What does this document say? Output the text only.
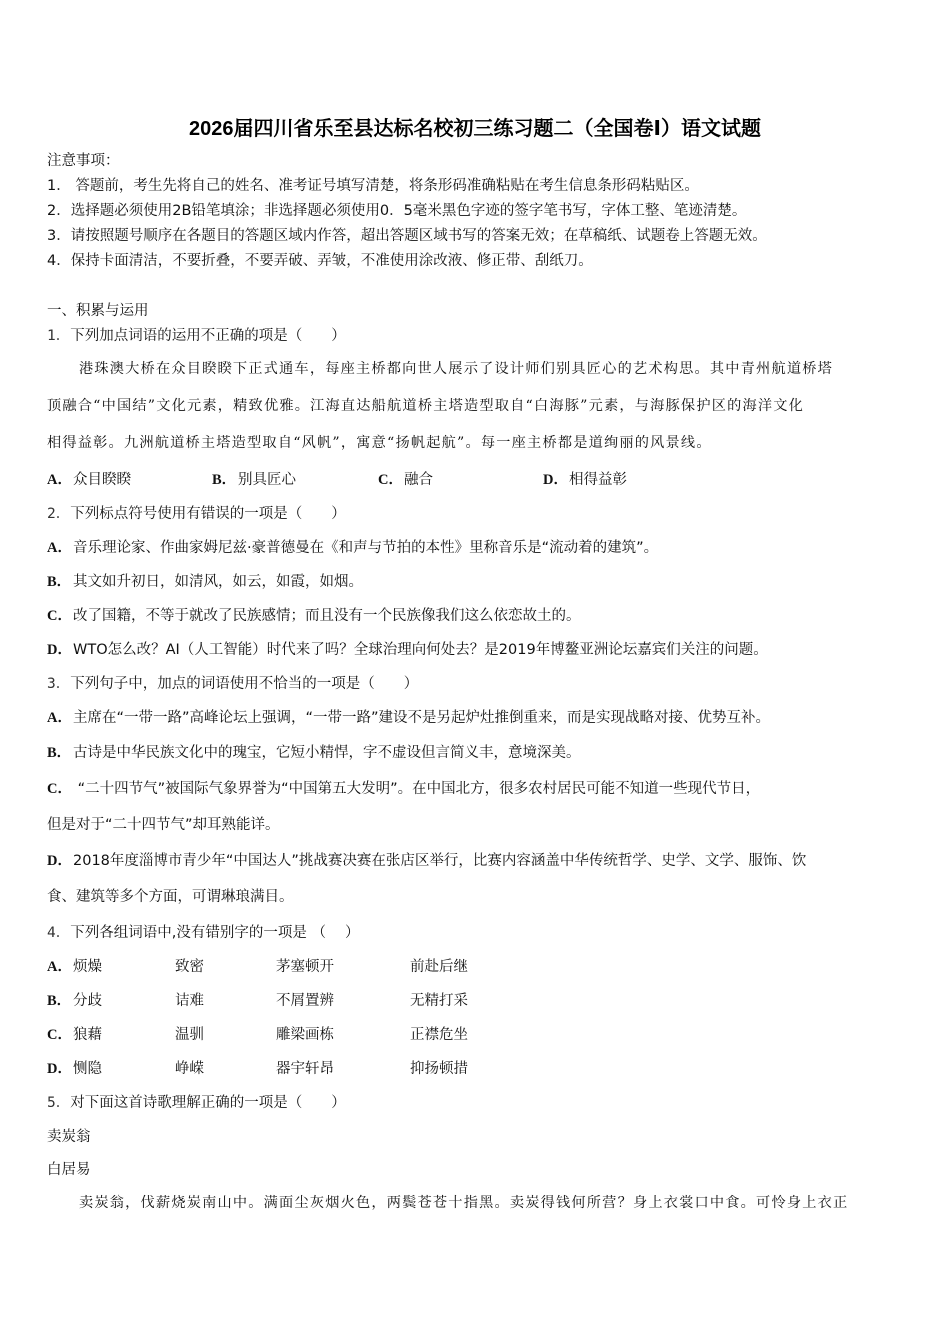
2026届四川省乐至县达标名校初三练习题二（全国卷Ⅰ）语文试题
注意事项：
1． 答题前，考生先将自己的姓名、准考证号填写清楚，将条形码准确粘贴在考生信息条形码粘贴区。
2．选择题必须使用2B铅笔填涂；非选择题必须使用0．5毫米黑色字迹的签字笔书写，字体工整、笔迹清楚。
3．请按照题号顺序在各题目的答题区域内作答，超出答题区域书写的答案无效；在草稿纸、试题卷上答题无效。
4．保持卡面清洁，不要折叠，不要弄破、弄皱，不准使用涂改液、修正带、刮纸刀。
一、积累与运用
1．下列加点词语的运用不正确的项是（　　）
港珠澳大桥在众目睽睽下正式通车，每座主桥都向世人展示了设计师们别具匠心的艺术构思。其中青州航道桥塔
顶融合“中国结”文化元素，精致优雅。江海直达船航道桥主塔造型取自“白海豚”元素，与海豚保护区的海洋文化
相得益彰。九洲航道桥主塔造型取自“风帆”，寓意“扬帆起航”。每一座主桥都是道绚丽的风景线。
A．众目睽睽	B． 别具匠心	C．融合	D．相得益彰
2．下列标点符号使用有错误的一项是（　　）
A．音乐理论家、作曲家姆尼兹·豪普德曼在《和声与节拍的本性》里称音乐是“流动着的建筑”。
B． 其文如升初日，如清风，如云，如霞，如烟。
C．改了国籍，不等于就改了民族感情；而且没有一个民族像我们这么依恋故土的。
D．WTO怎么改？AI（人工智能）时代来了吗？全球治理向何处去？是2019年博鳌亚洲论坛嘉宾们关注的问题。
3．下列句子中，加点的词语使用不恰当的一项是（　　）
A．主席在“一带一路”高峰论坛上强调，“一带一路”建设不是另起炉灶推倒重来，而是实现战略对接、优势互补。
B． 古诗是中华民族文化中的瑰宝，它短小精悍，字不虚设但言简义丰，意境深美。
C． “二十四节气”被国际气象界誉为“中国第五大发明”。在中国北方，很多农村居民可能不知道一些现代节日，
但是对于“二十四节气”却耳熟能详。
D．2018年度淄博市青少年“中国达人”挑战赛决赛在张店区举行，比赛内容涵盖中华传统哲学、史学、文学、服饰、饮
食、建筑等多个方面，可谓琳琅满目。
4．下列各组词语中,没有错别字的一项是 （　 ）
A．烦燥	致密	茅塞顿开	前赴后继
B． 分歧	诘难	不屑置辨	无精打采
C．狼藉	温驯	雕梁画栋	正襟危坐
D．恻隐	峥嵘	器宇轩昂	抑扬顿措
5．对下面这首诗歌理解正确的一项是（　　）
卖炭翁
白居易
卖炭翁，伐薪烧炭南山中。满面尘灰烟火色，两鬓苍苍十指黑。卖炭得钱何所营？身上衣裳口中食。可怜身上衣正
